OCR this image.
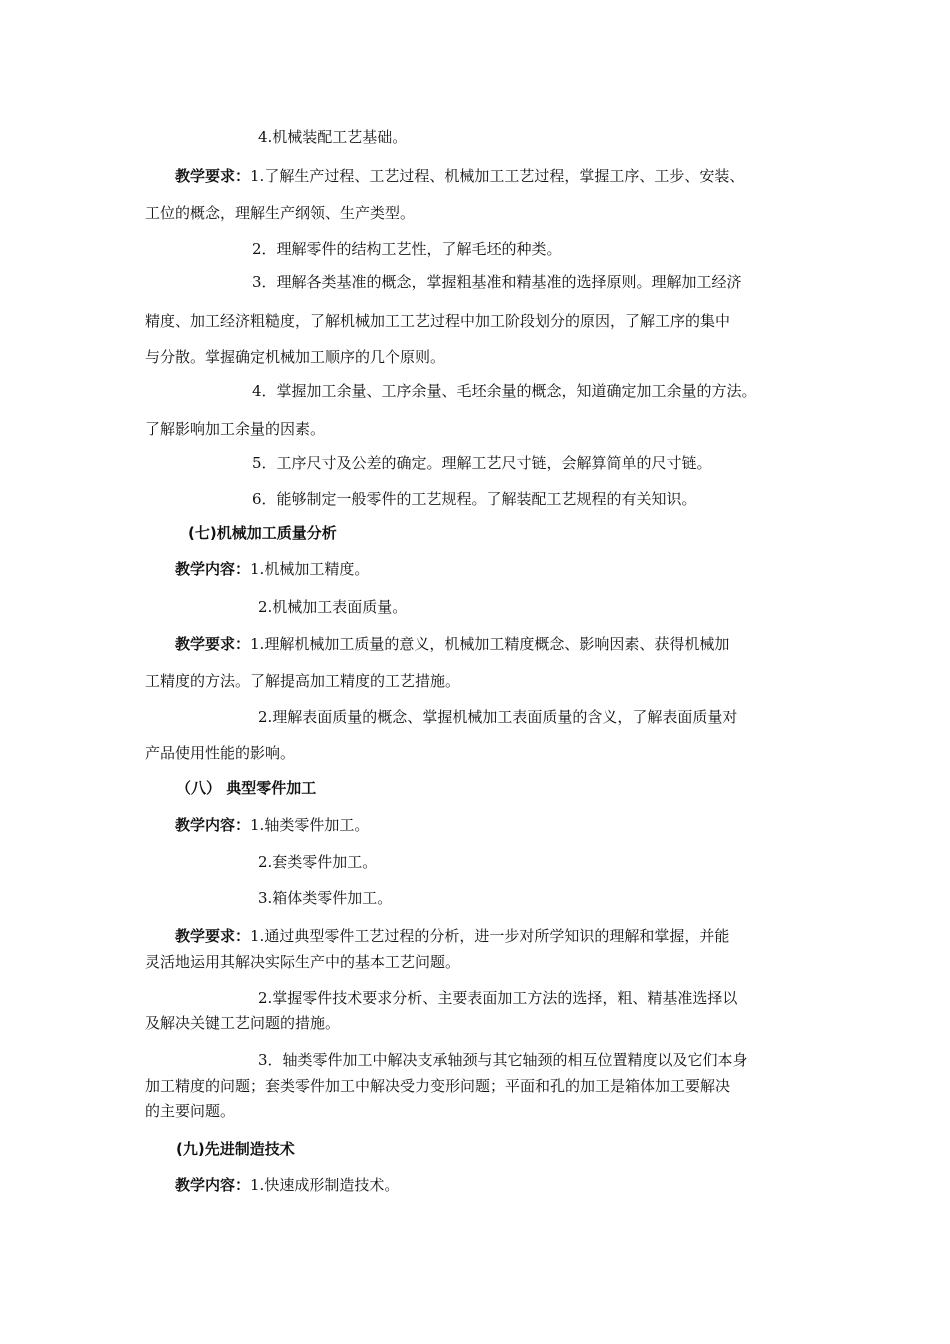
4.机械装配工艺基础。
教学要求：1.了解生产过程、工艺过程、机械加工工艺过程，掌握工序、工步、安装、
工位的概念，理解生产纲领、生产类型。
2．理解零件的结构工艺性，了解毛坯的种类。
3．理解各类基准的概念，掌握粗基准和精基准的选择原则。理解加工经济
精度、加工经济粗糙度，了解机械加工工艺过程中加工阶段划分的原因，了解工序的集中
与分散。掌握确定机械加工顺序的几个原则。
4．掌握加工余量、工序余量、毛坯余量的概念，知道确定加工余量的方法。
了解影响加工余量的因素。
5．工序尺寸及公差的确定。理解工艺尺寸链，会解算简单的尺寸链。
6．能够制定一般零件的工艺规程。了解装配工艺规程的有关知识。
(七)机械加工质量分析
教学内容：1.机械加工精度。
2.机械加工表面质量。
教学要求：1.理解机械加工质量的意义，机械加工精度概念、影响因素、获得机械加
工精度的方法。了解提高加工精度的工艺措施。
2.理解表面质量的概念、掌握机械加工表面质量的含义，了解表面质量对
产品使用性能的影响。
（八） 典型零件加工
教学内容：1.轴类零件加工。
2.套类零件加工。
3.箱体类零件加工。
教学要求：1.通过典型零件工艺过程的分析，进一步对所学知识的理解和掌握，并能
灵活地运用其解决实际生产中的基本工艺问题。
2.掌握零件技术要求分析、主要表面加工方法的选择，粗、精基准选择以
及解决关键工艺问题的措施。
3．轴类零件加工中解决支承轴颈与其它轴颈的相互位置精度以及它们本身
加工精度的问题；套类零件加工中解决受力变形问题；平面和孔的加工是箱体加工要解决
的主要问题。
(九)先进制造技术
教学内容：1.快速成形制造技术。
